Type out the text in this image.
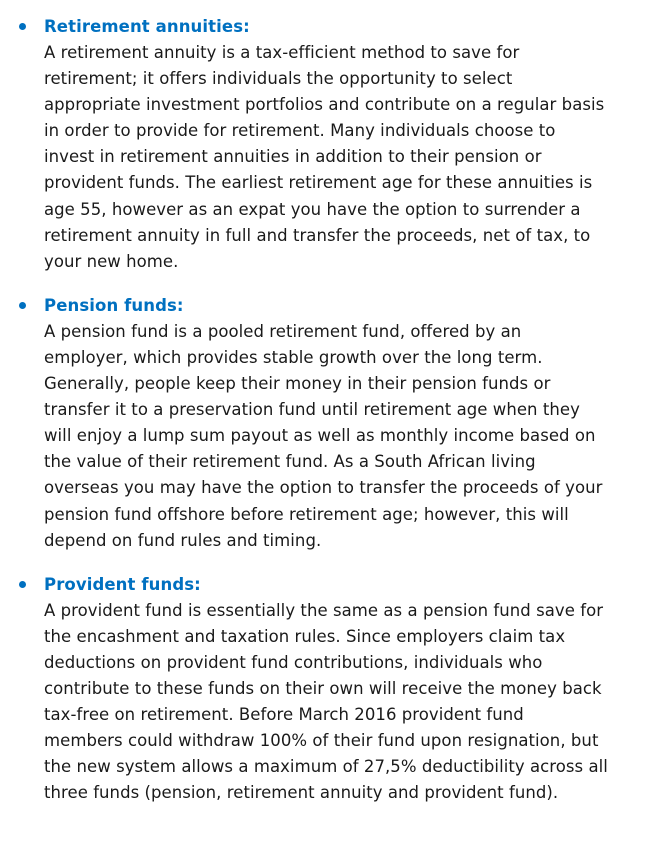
Retirement annuities:

A retirement annuity is a tax-efficient method to save for
retirement; it offers individuals the opportunity to select
appropriate investment portfolios and contribute on a regular basis
in order to provide for retirement. Many individuals choose to
invest in retirement annuities in addition to their pension or
provident funds. The earliest retirement age for these annuities is
age 55, however as an expat you have the option to surrender a
retirement annuity in full and transfer the proceeds, net of tax, to
your new home.

Pension funds:

A pension fund is a pooled retirement fund, offered by an
employer, which provides stable growth over the long term.
Generally, people keep their money in their pension funds or
transfer it to a preservation fund until retirement age when they
will enjoy a lump sum payout as well as monthly income based on
the value of their retirement fund. As a South African living
overseas you may have the option to transfer the proceeds of your
pension fund offshore before retirement age; however, this will
depend on fund rules and timing.

Provident funds:

A provident fund is essentially the same as a pension fund save for
the encashment and taxation rules. Since employers claim tax
deductions on provident fund contributions, individuals who
contribute to these funds on their own will receive the money back
tax-free on retirement. Before March 2016 provident fund
members could withdraw 100% of their fund upon resignation, but
the new system allows a maximum of 27,5% deductibility across all
three funds (pension, retirement annuity and provident fund).
